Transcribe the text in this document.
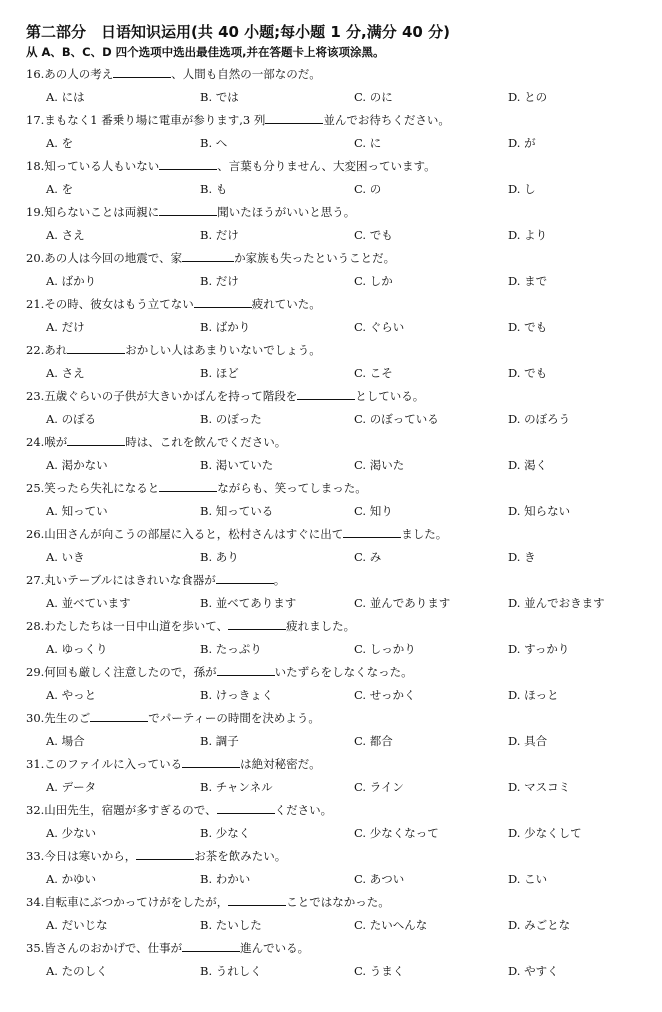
第二部分　日语知识运用(共 40 小题;每小题 1 分,满分 40 分)
从 A、B、C、D 四个选项中选出最佳选项,并在答题卡上将该项涂黑。
16.あの人の考え	、人間も自然の一部なのだ。
A. には	B. では	C. のに	D. との
17.まもなく1 番乗り場に電車が参ります,3 列	並んでお待ちください。
A. を	B. へ	C. に	D. が
18.知っている人もいない	、言葉も分りません、大変困っています。
A. を	B. も	C. の	D. し
19.知らないことは両親に	聞いたほうがいいと思う。
A. さえ	B. だけ	C. でも	D. より
20.あの人は今回の地震で、家	か家族も失ったということだ。
A. ばかり	B. だけ	C. しか	D. まで
21.その時、彼女はもう立てない	疲れていた。
A. だけ	B. ばかり	C. ぐらい	D. でも
22.あれ	おかしい人はあまりいないでしょう。
A. さえ	B. ほど	C. こそ	D. でも
23.五歳ぐらいの子供が大きいかばんを持って階段を	としている。
A. のぼる	B. のぼった	C. のぼっている	D. のぼろう
24.喉が	時は、これを飲んでください。
A. 渇かない	B. 渇いていた	C. 渇いた	D. 渇く
25.笑ったら失礼になると	ながらも、笑ってしまった。
A. 知ってい	B. 知っている	C. 知り	D. 知らない
26.山田さんが向こうの部屋に入ると，松村さんはすぐに出て	ました。
A. いき	B. あり	C. み	D. き
27.丸いテーブルにはきれいな食器が	。
A. 並べています	B. 並べてあります	C. 並んであります	D. 並んでおきます
28.わたしたちは一日中山道を歩いて、	疲れました。
A. ゆっくり	B. たっぷり	C. しっかり	D. すっかり
29.何回も厳しく注意したので，孫が	いたずらをしなくなった。
A. やっと	B. けっきょく	C. せっかく	D. ほっと
30.先生のご	でパーティーの時間を決めよう。
A. 場合	B. 調子	C. 都合	D. 具合
31.このファイルに入っている	は絶対秘密だ。
A. データ	B. チャンネル	C. ライン	D. マスコミ
32.山田先生，宿題が多すぎるので、	ください。
A. 少ない	B. 少なく	C. 少なくなって	D. 少なくして
33.今日は寒いから，	お茶を飲みたい。
A. かゆい	B. わかい	C. あつい	D. こい
34.自転車にぶつかってけがをしたが，	ことではなかった。
A. だいじな	B. たいした	C. たいへんな	D. みごとな
35.皆さんのおかげで、仕事が	進んでいる。
A. たのしく	B. うれしく	C. うまく	D. やすく
